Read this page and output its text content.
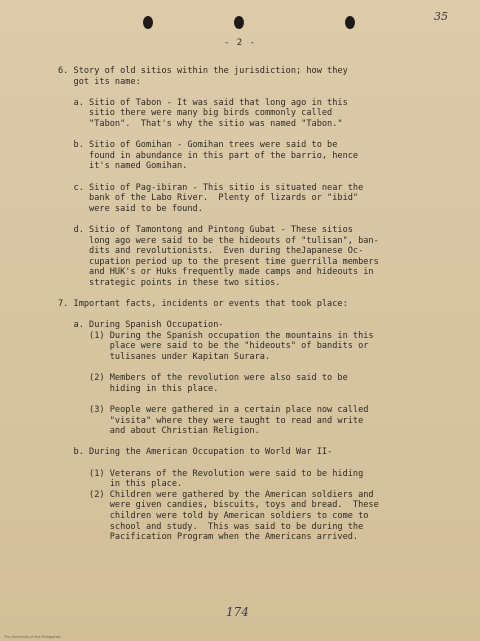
35
- 2 -
6. Story of old sitios within the jurisdiction; how they
got its name:
a. Sitio of Tabon - It was said that long ago in this
sitio there were many big birds commonly called
"Tabon".  That's why the sitio was named "Tabon."
b. Sitio of Gomihan - Gomihan trees were said to be
found in abundance in this part of the barrio, hence
it's named Gomihan.
c. Sitio of Pag-ibiran - This sitio is situated near the
bank of the Labo River.  Plenty of lizards or "ibid"
were said to be found.
d. Sitio of Tamontong and Pintong Gubat - These sitios
long ago were said to be the hideouts of "tulisan", ban-
dits and revolutionists.  Even during theJapanese Oc-
cupation period up to the present time guerrilla members
and HUK's or Huks frequently made camps and hideouts in
strategic points in these two sitios.
7. Important facts, incidents or events that took place:
a. During Spanish Occupation-
(1) During the Spanish occupation the mountains in this
place were said to be the "hideouts" of bandits or
tulisanes under Kapitan Surara.
(2) Members of the revolution were also said to be
hiding in this place.
(3) People were gathered in a certain place now called
"visita" where they were taught to read and write
and about Christian Religion.
b. During the American Occupation to World War II-
(1) Veterans of the Revolution were said to be hiding
in this place.
(2) Children were gathered by the American soldiers and
were given candies, biscuits, toys and bread.  These
children were told by American soldiers to come to
school and study.  This was said to be during the
Pacification Program when the Americans arrived.
174
The University of the Philippines
